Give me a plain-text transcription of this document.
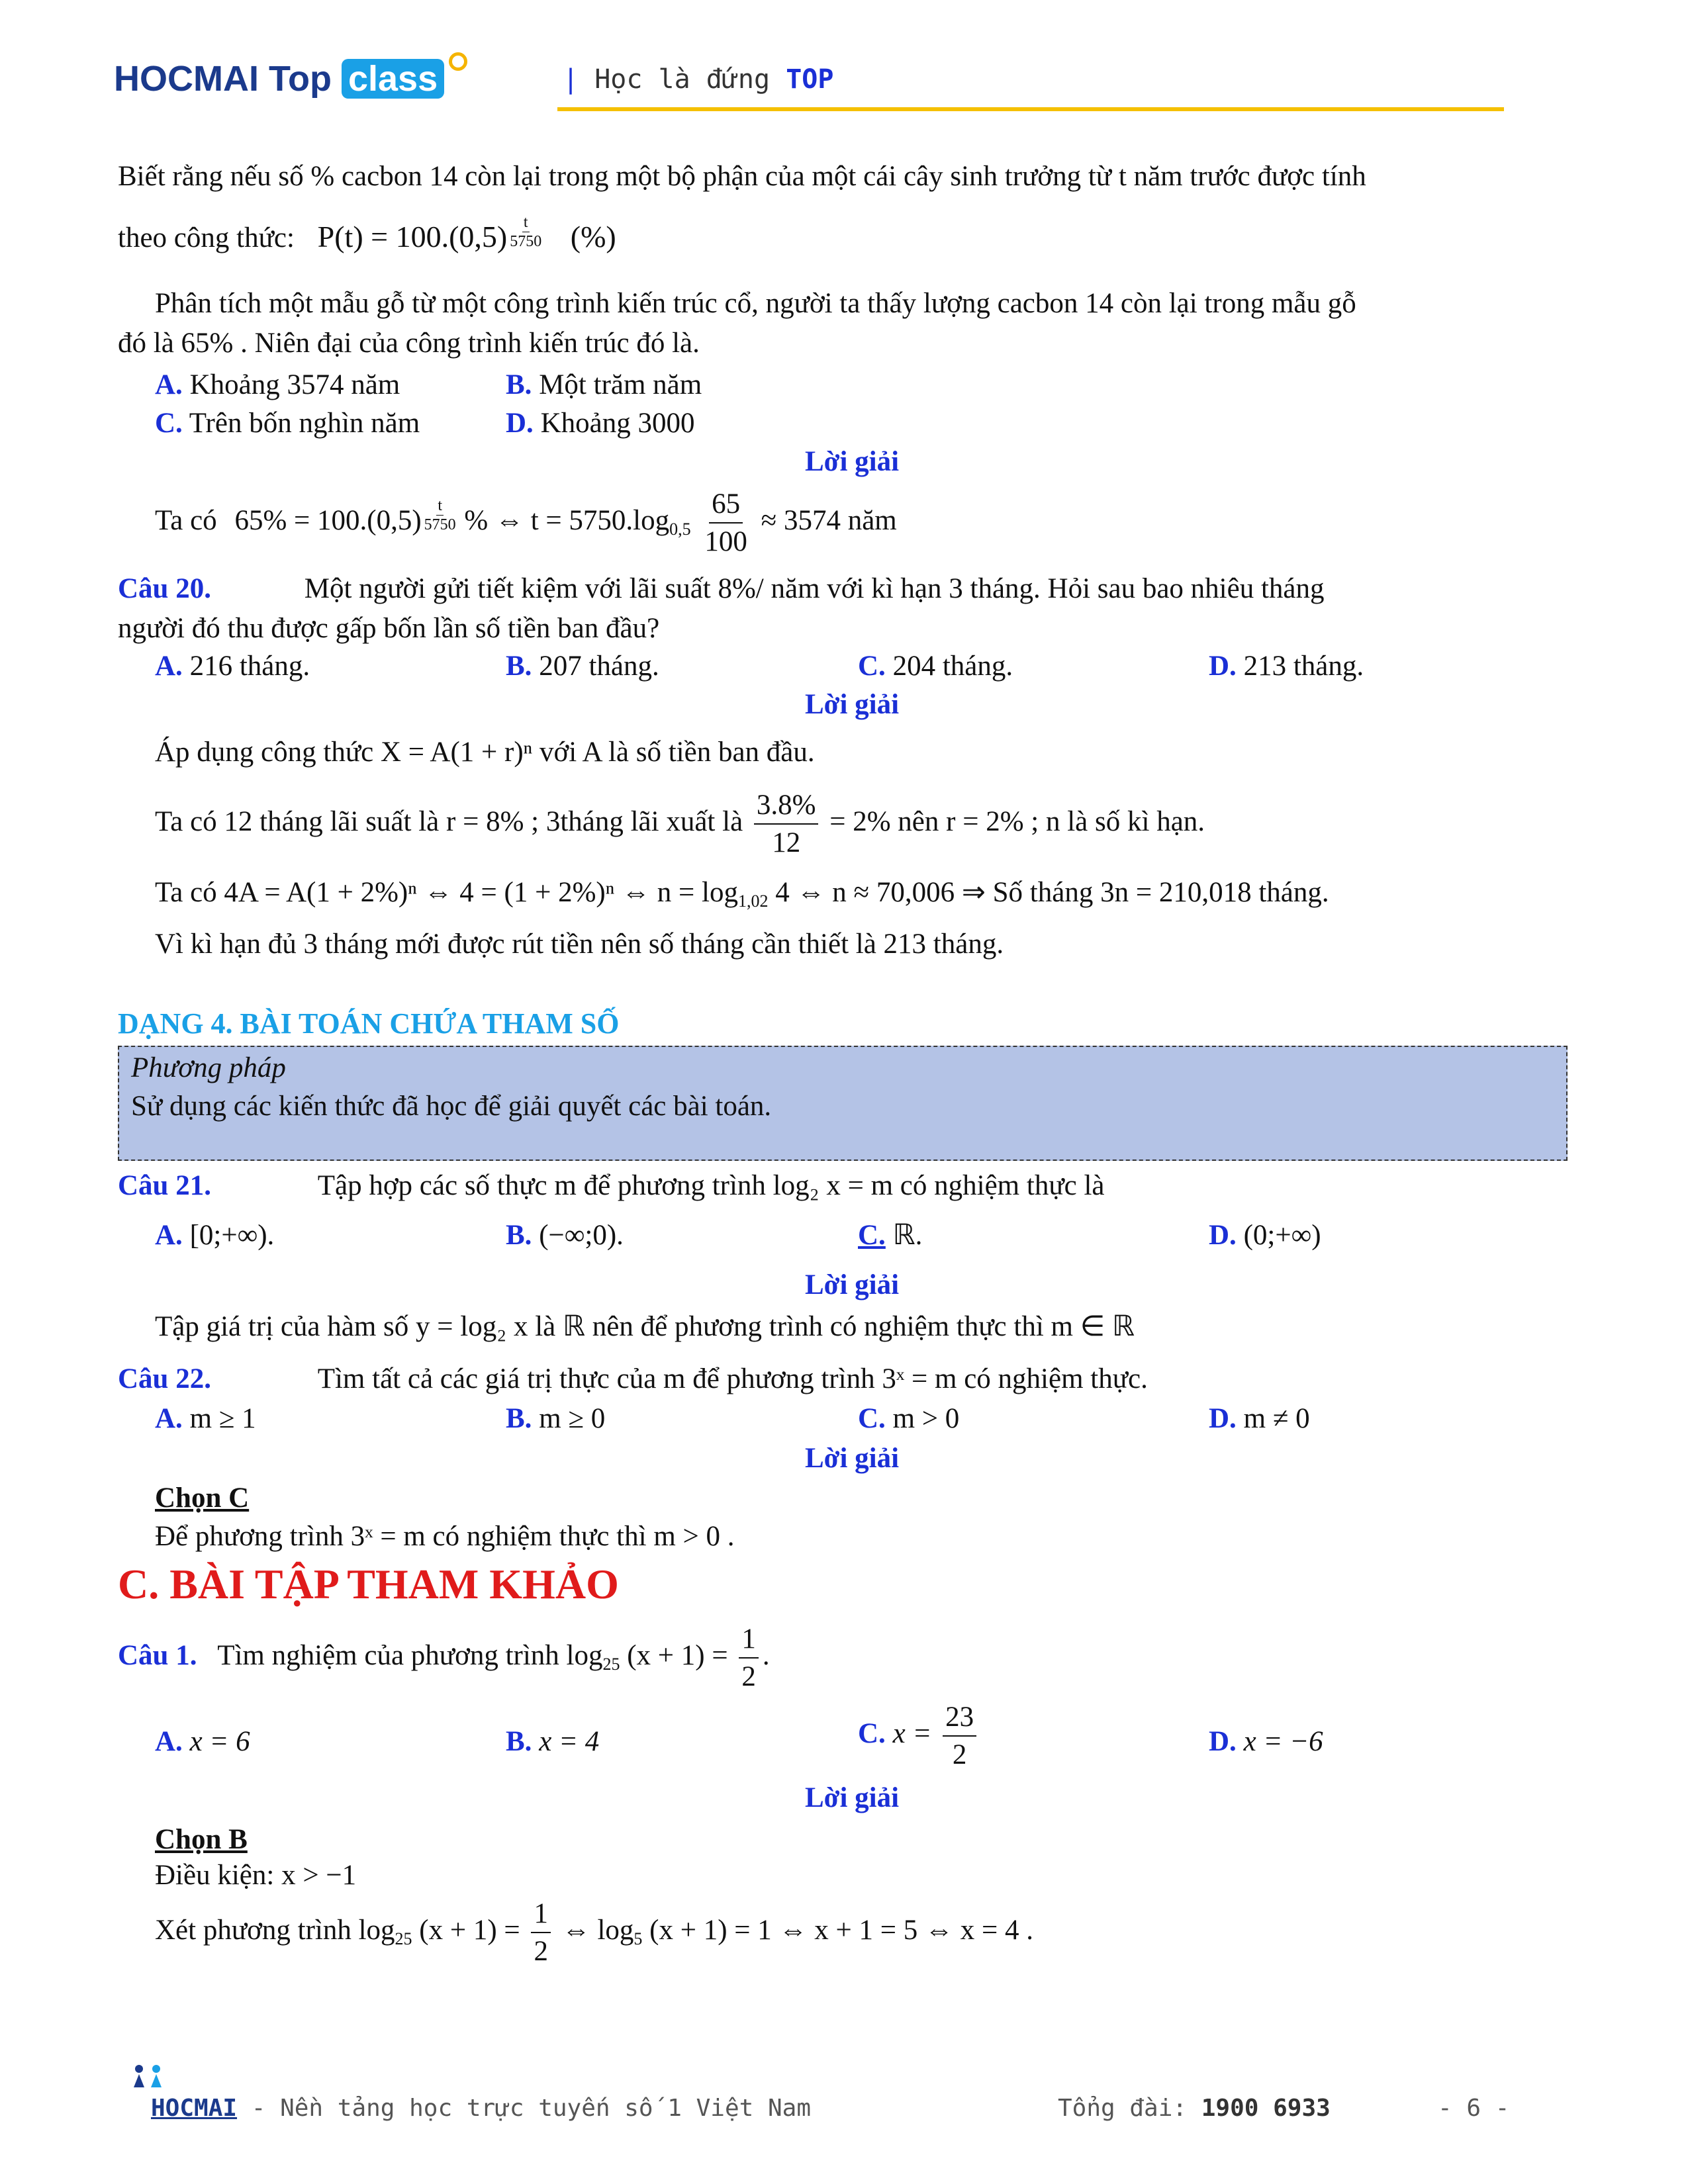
HOCMAI Top class	| Học là đứng TOP
Biết rằng nếu số % cacbon 14 còn lại trong một bộ phận của một cái cây sinh trưởng từ t năm trước được tính
theo công thức: $P(t) = 100.(0,5) \frac{t}{5750}$ (%)
Phân tích một mẫu gỗ từ một công trình kiến trúc cổ, người ta thấy lượng cacbon 14 còn lại trong mẫu gỗ
đó là 65% . Niên đại của công trình kiến trúc đó là.
A. Khoảng 3574 năm	B. Một trăm năm
C. Trên bốn nghìn năm	D. Khoảng 3000
Lời giải
Ta có $65\% = 100.(0,5) \frac{t}{5750}$ % ⇔ $t = 5750.\log_{0,5} \frac{65}{100} \approx 3574$ năm
Câu 20.	Một người gửi tiết kiệm với lãi suất 8%/ năm với kì hạn 3 tháng. Hỏi sau bao nhiêu tháng
người đó thu được gấp bốn lần số tiền ban đầu?
A. 216 tháng.	B. 207 tháng.	C. 204 tháng.	D. 213 tháng.
Lời giải
Áp dụng công thức X = A(1 + r)ⁿ với A là số tiền ban đầu.
Ta có 12 tháng lãi suất là r = 8% ; 3tháng lãi xuất là $\frac{3.8\%}{12} = 2\%$ nên r = 2% ; n là số kì hạn.
Ta có 4A = A(1 + 2%)ⁿ ⇔ 4 = (1 + 2%)ⁿ ⇔ $n = \log_{1,02} 4$ ⇔ n ≈ 70,006 ⇒ Số tháng 3n = 210,018 tháng.
Vì kì hạn đủ 3 tháng mới được rút tiền nên số tháng cần thiết là 213 tháng.
DẠNG 4. BÀI TOÁN CHỨA THAM SỐ
Phương pháp
Sử dụng các kiến thức đã học để giải quyết các bài toán.
Câu 21.	Tập hợp các số thực m để phương trình log₂ x = m có nghiệm thực là
A. [0;+∞).	B. (−∞;0).	C. ℝ.	D. (0;+∞)
Lời giải
Tập giá trị của hàm số y = log₂ x là ℝ nên để phương trình có nghiệm thực thì m ∈ ℝ
Câu 22.	Tìm tất cả các giá trị thực của m để phương trình 3ˣ = m có nghiệm thực.
A. m ≥ 1	B. m ≥ 0	C. m > 0	D. m ≠ 0
Lời giải
Chọn C
Để phương trình 3ˣ = m có nghiệm thực thì m > 0 .
C. BÀI TẬP THAM KHẢO
Câu 1. Tìm nghiệm của phương trình $\log_{25} (x + 1) = \frac{1}{2}$ .
A. x = 6	B. x = 4	C. $x = \frac{23}{2}$	D. x = −6
Lời giải
Chọn B
Điều kiện: x > −1
Xét phương trình $\log_{25} (x + 1) = \frac{1}{2}$ ⇔ $\log_5 (x + 1) = 1$ ⇔ x + 1 = 5 ⇔ x = 4 .
HOCMAI - Nền tảng học trực tuyến số 1 Việt Nam	Tổng đài: 1900 6933	- 6 -
